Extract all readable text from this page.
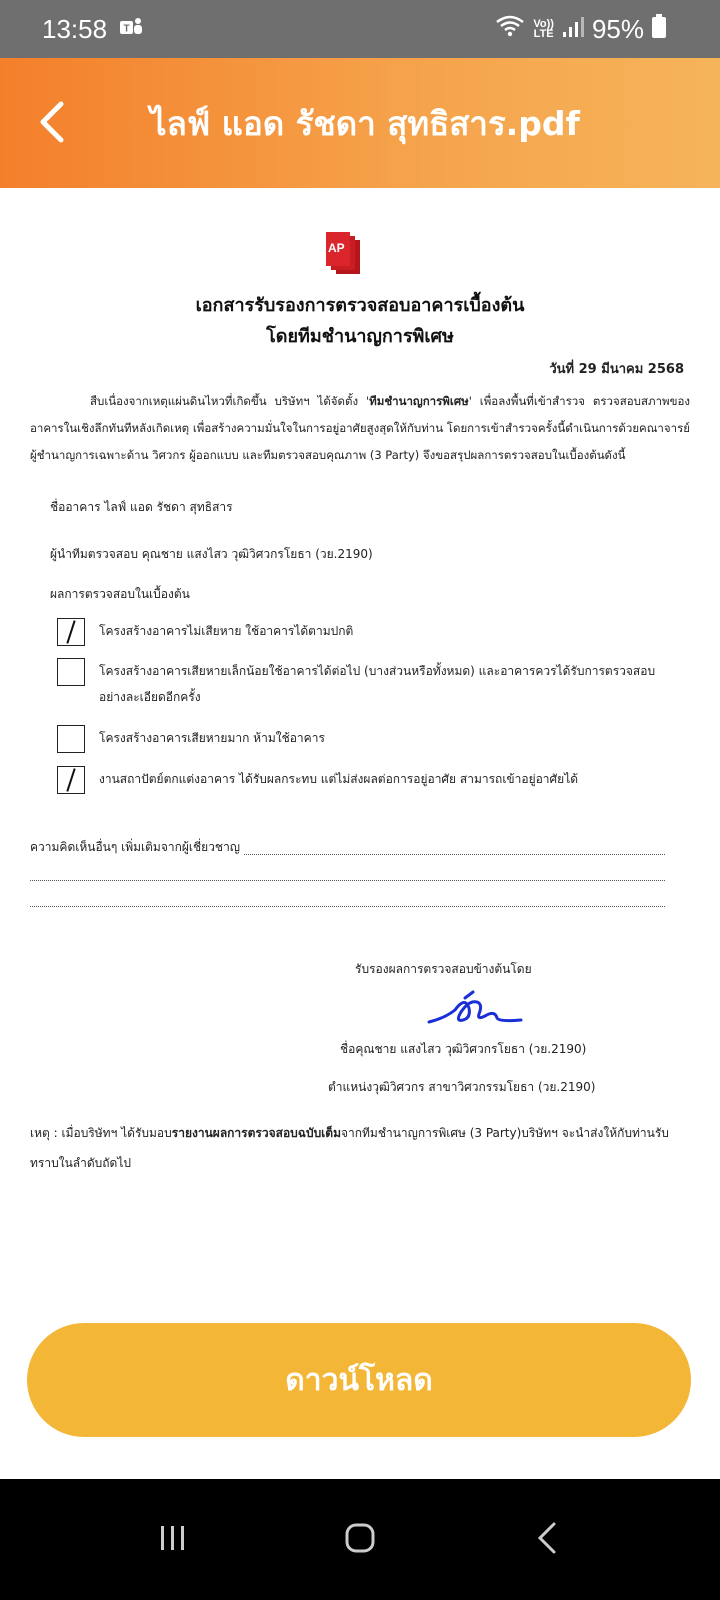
13:58 T	Vo))
LTE 95%
ไลฟ์ แอด รัชดา สุทธิสาร.pdf
AP
เอกสารรับรองการตรวจสอบอาคารเบื้องต้น
โดยทีมชำนาญการพิเศษ
วันที่ 29 มีนาคม 2568
สืบเนื่องจากเหตุแผ่นดินไหวที่เกิดขึ้น บริษัทฯ ได้จัดตั้ง 'ทีมชำนาญการพิเศษ' เพื่อลงพื้นที่เข้าสำรวจ ตรวจสอบสภาพของอาคารในเชิงลึกทันทีหลังเกิดเหตุ เพื่อสร้างความมั่นใจในการอยู่อาศัยสูงสุดให้กับท่าน โดยการเข้าสำรวจครั้งนี้ดำเนินการด้วยคณาจารย์ผู้ชำนาญการเฉพาะด้าน วิศวกร ผู้ออกแบบ และทีมตรวจสอบคุณภาพ (3 Party) จึงขอสรุปผลการตรวจสอบในเบื้องต้นดังนี้
ชื่ออาคาร ไลฟ์ แอด รัชดา สุทธิสาร
ผู้นำทีมตรวจสอบ คุณชาย แสงไสว วุฒิวิศวกรโยธา (วย.2190)
ผลการตรวจสอบในเบื้องต้น
โครงสร้างอาคารไม่เสียหาย ใช้อาคารได้ตามปกติ
โครงสร้างอาคารเสียหายเล็กน้อยใช้อาคารได้ต่อไป (บางส่วนหรือทั้งหมด) และอาคารควรได้รับการตรวจสอบอย่างละเอียดอีกครั้ง
โครงสร้างอาคารเสียหายมาก ห้ามใช้อาคาร
งานสถาปัตย์ตกแต่งอาคาร ได้รับผลกระทบ แต่ไม่ส่งผลต่อการอยู่อาศัย สามารถเข้าอยู่อาศัยได้
ความคิดเห็นอื่นๆ เพิ่มเติมจากผู้เชี่ยวชาญ
รับรองผลการตรวจสอบข้างต้นโดย
ชื่อคุณชาย แสงไสว วุฒิวิศวกรโยธา (วย.2190)
ตำแหน่งวุฒิวิศวกร สาขาวิศวกรรมโยธา (วย.2190)
เหตุ : เมื่อบริษัทฯ ได้รับมอบรายงานผลการตรวจสอบฉบับเต็มจากทีมชำนาญการพิเศษ (3 Party)บริษัทฯ จะนำส่งให้กับท่านรับทราบในลำดับถัดไป
ดาวน์โหลด
